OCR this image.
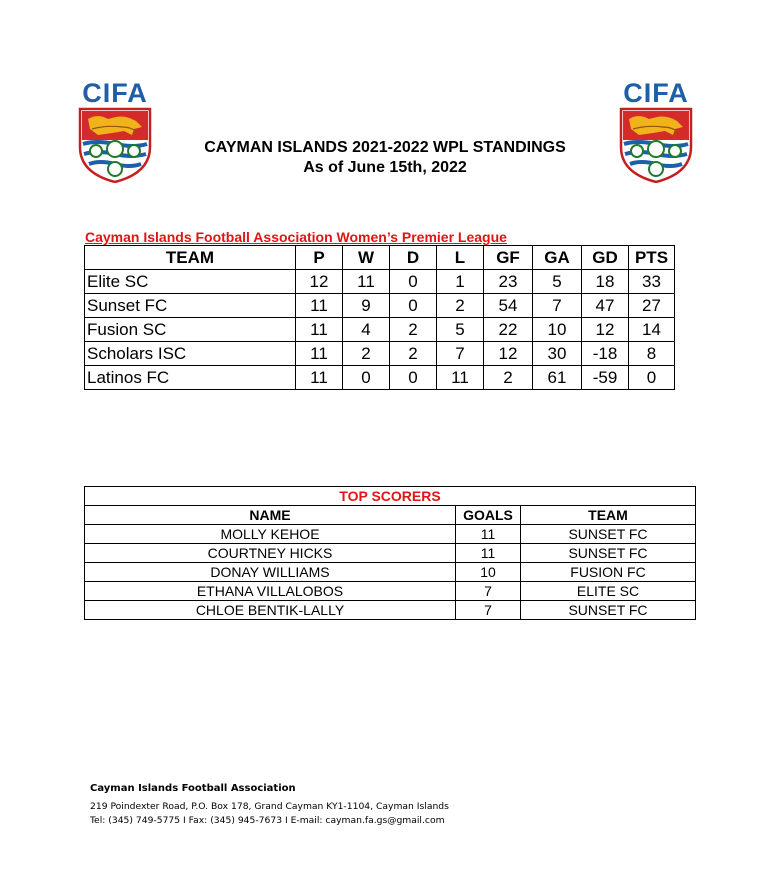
CIFA	CIFA
CAYMAN ISLANDS 2021-2022 WPL STANDINGS
As of June 15th, 2022
Cayman Islands Football Association Women’s Premier League
TEAM	P	W	D	L	GF	GA	GD	PTS
Elite SC	12	11	0	1	23	5	18	33
Sunset FC	11	9	0	2	54	7	47	27
Fusion SC	11	4	2	5	22	10	12	14
Scholars ISC	11	2	2	7	12	30	-18	8
Latinos FC	11	0	0	11	2	61	-59	0
TOP SCORERS		
NAME	GOALS	TEAM
MOLLY KEHOE	11	SUNSET FC
COURTNEY HICKS	11	SUNSET FC
DONAY WILLIAMS	10	FUSION FC
ETHANA VILLALOBOS	7	ELITE SC
CHLOE BENTIK-LALLY	7	SUNSET FC
Cayman Islands Football Association
219 Poindexter Road, P.O. Box 178, Grand Cayman KY1-1104, Cayman Islands
Tel: (345) 749-5775 I Fax: (345) 945-7673 I E-mail: cayman.fa.gs@gmail.com
